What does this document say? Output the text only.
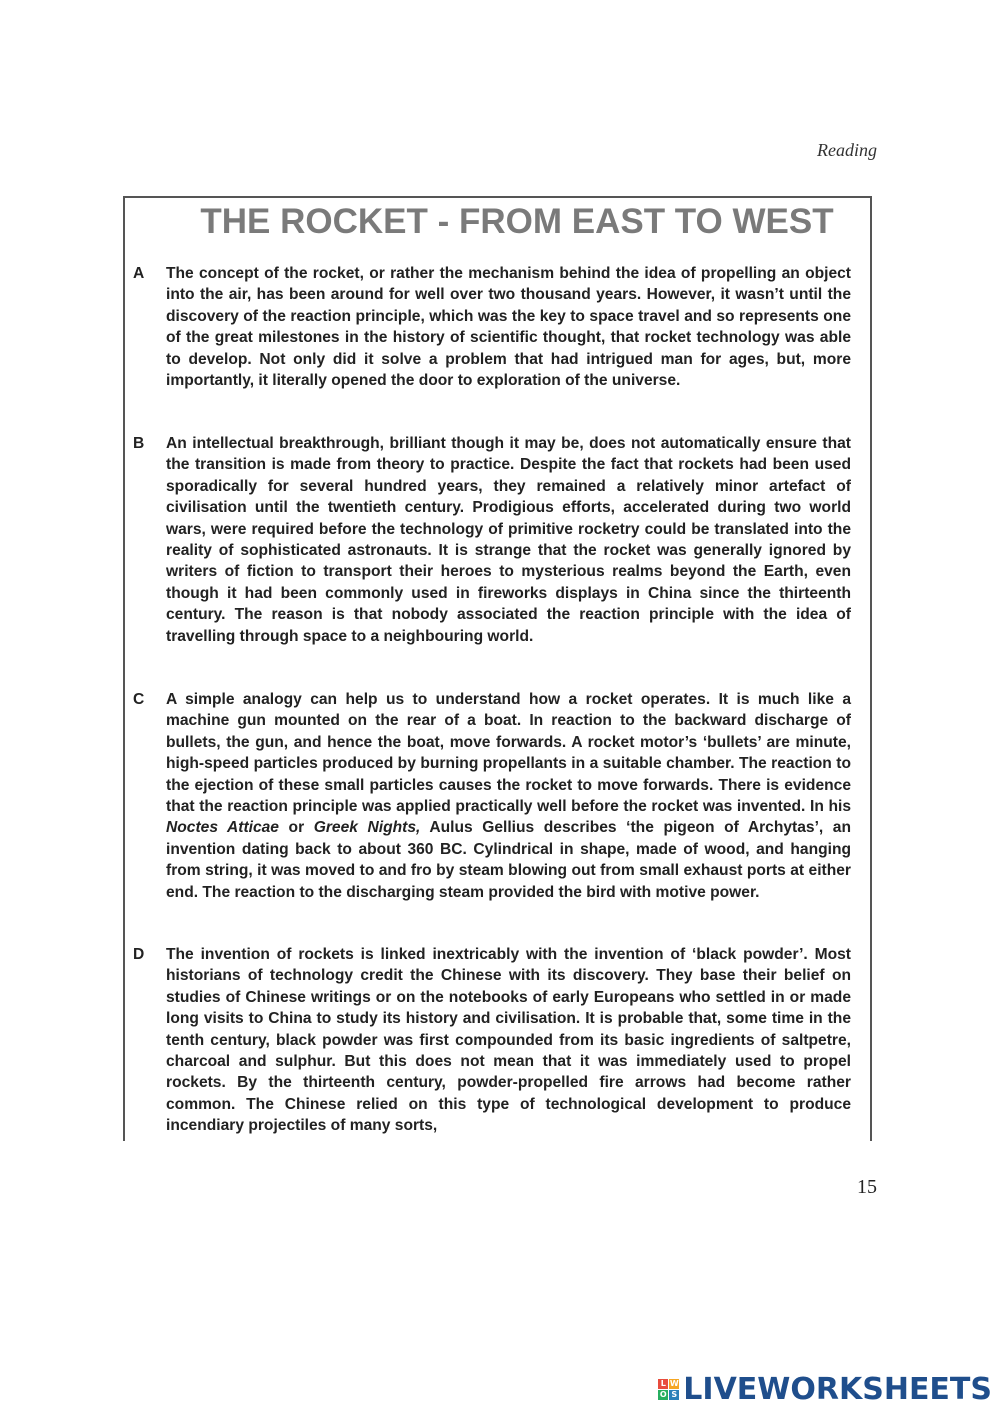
Reading
THE ROCKET - FROM EAST TO WEST
A	The concept of the rocket, or rather the mechanism behind the idea of propelling an object into the air, has been around for well over two thousand years. However, it wasn’t until the discovery of the reaction principle, which was the key to space travel and so represents one of the great milestones in the history of scientific thought, that rocket technology was able to develop. Not only did it solve a problem that had intrigued man for ages, but, more importantly, it literally opened the door to exploration of the universe.
B	An intellectual breakthrough, brilliant though it may be, does not automatically ensure that the transition is made from theory to practice. Despite the fact that rockets had been used sporadically for several hundred years, they remained a relatively minor artefact of civilisation until the twentieth century. Prodigious efforts, accelerated during two world wars, were required before the technology of primitive rocketry could be translated into the reality of sophisticated astronauts. It is strange that the rocket was generally ignored by writers of fiction to transport their heroes to mysterious realms beyond the Earth, even though it had been commonly used in fireworks displays in China since the thirteenth century. The reason is that nobody associated the reaction principle with the idea of travelling through space to a neighbouring world.
C	A simple analogy can help us to understand how a rocket operates. It is much like a machine gun mounted on the rear of a boat. In reaction to the backward discharge of bullets, the gun, and hence the boat, move forwards. A rocket motor’s ‘bullets’ are minute, high-speed particles produced by burning propellants in a suitable chamber. The reaction to the ejection of these small particles causes the rocket to move forwards. There is evidence that the reaction principle was applied practically well before the rocket was invented. In his Noctes Atticae or Greek Nights, Aulus Gellius describes ‘the pigeon of Archytas’, an invention dating back to about 360 BC. Cylindrical in shape, made of wood, and hanging from string, it was moved to and fro by steam blowing out from small exhaust ports at either end. The reaction to the discharging steam provided the bird with motive power.
D	The invention of rockets is linked inextricably with the invention of ‘black powder’. Most historians of technology credit the Chinese with its discovery. They base their belief on studies of Chinese writings or on the notebooks of early Europeans who settled in or made long visits to China to study its history and civilisation. It is probable that, some time in the tenth century, black powder was first compounded from its basic ingredients of saltpetre, charcoal and sulphur. But this does not mean that it was immediately used to propel rockets. By the thirteenth century, powder-propelled fire arrows had become rather common. The Chinese relied on this type of technological development to produce incendiary projectiles of many sorts,
15
L W
O S LIVEWORKSHEETS
